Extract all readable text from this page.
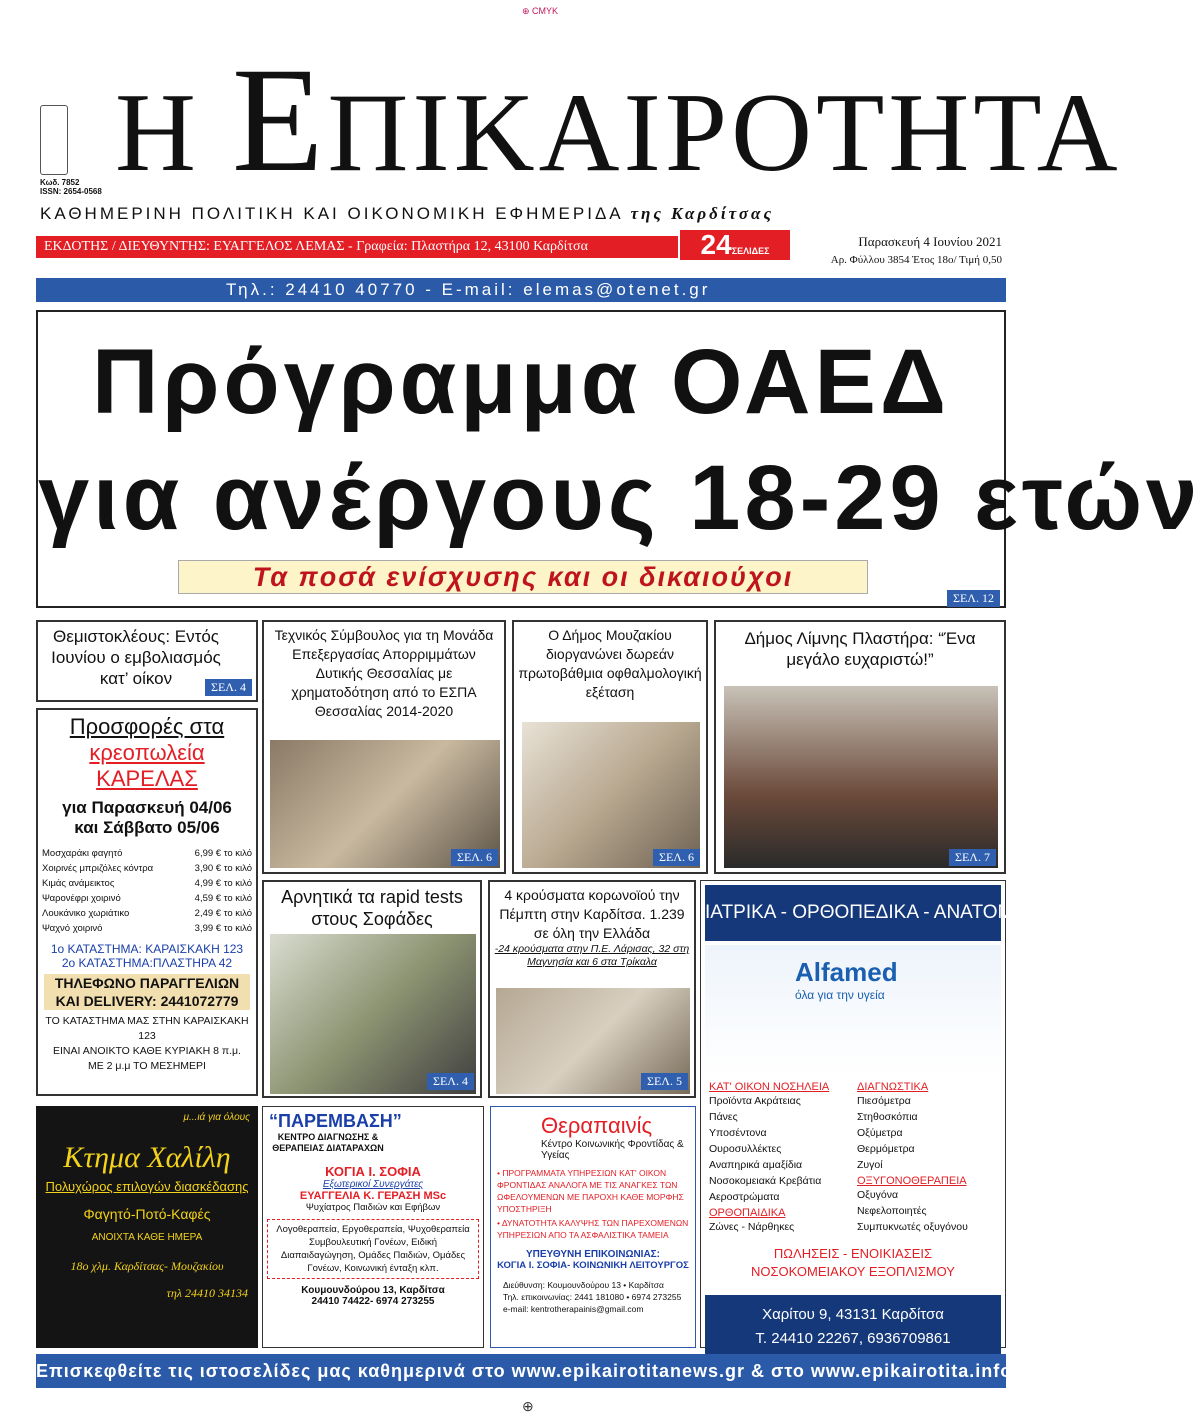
⊕ CMYK
⊕
Κωδ. 7852
ISSN: 2654-0568 Η ΕΠΙΚΑΙΡΟΤΗΤΑ
ΚΑΘΗΜΕΡΙΝΗ ΠΟΛΙΤΙΚΗ ΚΑΙ ΟΙΚΟΝΟΜΙΚΗ ΕΦΗΜΕΡΙΔΑ της Καρδίτσας
ΕΚΔΟΤΗΣ / ΔΙΕΥΘΥΝΤΗΣ: ΕΥΑΓΓΕΛΟΣ ΛΕΜΑΣ - Γραφεία: Πλαστήρα 12, 43100 Καρδίτσα	24ΣΕΛΙΔΕΣ
Παρασκευή 4 Ιουνίου 2021
Αρ. Φύλλου 3854 Έτος 18ο/ Τιμή 0,50
Τηλ.: 24410 40770 - E-mail: elemas@otenet.gr
Πρόγραμμα ΟΑΕΔ
για ανέργους 18-29 ετών
Τα ποσά ενίσχυσης και οι δικαιούχοι
ΣΕΛ. 12
Θεμιστοκλέους: Εντός Ιουνίου ο εμβολιασμός κατ’ οίκον	ΣΕΛ. 4
Προσφορές στα
κρεοπωλεία ΚΑΡΕΛΑΣ
για Παρασκευή 04/06
και Σάββατο 05/06
Μοσχαράκι φαγητό	6,99 € το κιλό
Χοιρινές μπριζόλες κόντρα	3,90 € το κιλό
Κιμάς ανάμεικτος	4,99 € το κιλό
Ψαρονέφρι χοιρινό	4,59 € το κιλό
Λουκάνικο χωριάτικο	2,49 € το κιλό
Ψαχνό χοιρινό	3,99 € το κιλό
1ο ΚΑΤΑΣΤΗΜΑ: ΚΑΡΑΙΣΚΑΚΗ 123
2ο ΚΑΤΑΣΤΗΜΑ:ΠΛΑΣΤΗΡΑ 42
ΤΗΛΕΦΩΝΟ ΠΑΡΑΓΓΕΛΙΩΝ
ΚΑΙ DELIVERY: 2441072779
ΤΟ ΚΑΤΑΣΤΗΜΑ ΜΑΣ ΣΤΗΝ ΚΑΡΑΙΣΚΑΚΗ 123
ΕΙΝΑΙ ΑΝΟΙΚΤΟ ΚΑΘΕ ΚΥΡΙΑΚΗ 8 π.μ.
ΜΕ 2 μ.μ ΤΟ ΜΕΣΗΜΕΡΙ
Τεχνικός Σύμβουλος για τη Μονάδα Επεξεργασίας Απορριμμάτων Δυτικής Θεσσαλίας με χρηματοδότηση από το ΕΣΠΑ Θεσσαλίας 2014-2020
ΣΕΛ. 6
Ο Δήμος Μουζακίου διοργανώνει δωρεάν πρωτοβάθμια οφθαλμολογική εξέταση
ΣΕΛ. 6
Δήμος Λίμνης Πλαστήρα: “Ένα μεγάλο ευχαριστώ!”
ΣΕΛ. 7
Αρνητικά τα rapid tests στους Σοφάδες
ΣΕΛ. 4
4 κρούσματα κορωνοϊού την Πέμπτη στην Καρδίτσα. 1.239 σε όλη την Ελλάδα
-24 κρούσματα στην Π.Ε. Λάρισας, 32 στη Μαγνησία και 6 στα Τρίκαλα
ΣΕΛ. 5
ΙΑΤΡΙΚΑ - ΟΡΘΟΠΕΔΙΚΑ - ΑΝΑΤΟΜΙΚΑ
Alfamed
όλα για την υγεία
ΚΑΤ' ΟΙΚΟΝ ΝΟΣΗΛΕΙΑ
Προϊόντα Ακράτειας
Πάνες
Υποσέντονα
Ουροσυλλέκτες
Αναπηρικά αμαξίδια
Νοσοκομειακά Κρεβάτια
Αεροστρώματα
ΟΡΘΟΠΑΙΔΙΚΑ
Ζώνες - Νάρθηκες
ΔΙΑΓΝΩΣΤΙΚΑ
Πιεσόμετρα
Στηθοσκόπια
Οξύμετρα
Θερμόμετρα
Ζυγοί
ΟΞΥΓΟΝΟΘΕΡΑΠΕΙΑ
Οξυγόνα
Νεφελοποιητές
Συμπυκνωτές οξυγόνου
ΠΩΛΗΣΕΙΣ - ΕΝΟΙΚΙΑΣΕΙΣ
ΝΟΣΟΚΟΜΕΙΑΚΟΥ ΕΞΟΠΛΙΣΜΟΥ
Χαρίτου 9, 43131 Καρδίτσα
Τ. 24410 22267, 6936709861
μ...ιά για όλους
Κτημα Χαλίλη
Πολυχώρος επιλογών διασκέδασης
Φαγητό-Ποτό-Καφές
ΑΝΟΙΧΤΑ ΚΑΘΕ ΗΜΕΡΑ
18ο χλμ. Καρδίτσας- Μουζακίου
τηλ 24410 34134
“ΠΑΡΕΜΒΑΣΗ”
ΚΕΝΤΡΟ ΔΙΑΓΝΩΣΗΣ & ΘΕΡΑΠΕΙΑΣ ΔΙΑΤΑΡΑΧΩΝ
ΚΟΓΙΑ Ι. ΣΟΦΙΑ
Εξωτερικοί Συνεργάτες
ΕΥΑΓΓΕΛΙΑ Κ. ΓΕΡΑΣΗ MSc
Ψυχίατρος Παιδιών και Εφήβων
Λογοθεραπεία, Εργοθεραπεία, Ψυχοθεραπεία Συμβουλευτική Γονέων, Ειδική Διαπαιδαγώγηση, Ομάδες Παιδιών, Ομάδες Γονέων, Κοινωνική ένταξη κλπ.
Κουμουνδούρου 13, Καρδίτσα
24410 74422- 6974 273255
Θεραπαινίς
Κέντρο Κοινωνικής Φροντίδας & Υγείας
• ΠΡΟΓΡΑΜΜΑΤΑ ΥΠΗΡΕΣΙΩΝ ΚΑΤ' ΟΙΚΟΝ ΦΡΟΝΤΙΔΑΣ ΑΝΑΛΟΓΑ ΜΕ ΤΙΣ ΑΝΑΓΚΕΣ ΤΩΝ ΩΦΕΛΟΥΜΕΝΩΝ ΜΕ ΠΑΡΟΧΗ ΚΑΘΕ ΜΟΡΦΗΣ ΥΠΟΣΤΗΡΙΞΗ
• ΔΥΝΑΤΟΤΗΤΑ ΚΑΛΥΨΗΣ ΤΩΝ ΠΑΡΕΧΟΜΕΝΩΝ ΥΠΗΡΕΣΙΩΝ ΑΠΟ ΤΑ ΑΣΦΑΛΙΣΤΙΚΑ ΤΑΜΕΙΑ
ΥΠΕΥΘΥΝΗ ΕΠΙΚΟΙΝΩΝΙΑΣ:
ΚΟΓΙΑ Ι. ΣΟΦΙΑ- ΚΟΙΝΩΝΙΚΗ ΛΕΙΤΟΥΡΓΟΣ
Διεύθυνση: Κουμουνδούρου 13 • Καρδίτσα
Τηλ. επικοινωνίας: 2441 181080 • 6974 273255
e-mail: kentrotherapainis@gmail.com
Επισκεφθείτε τις ιστοσελίδες μας καθημερινά στο www.epikairotitanews.gr & στο www.epikairotita.info
